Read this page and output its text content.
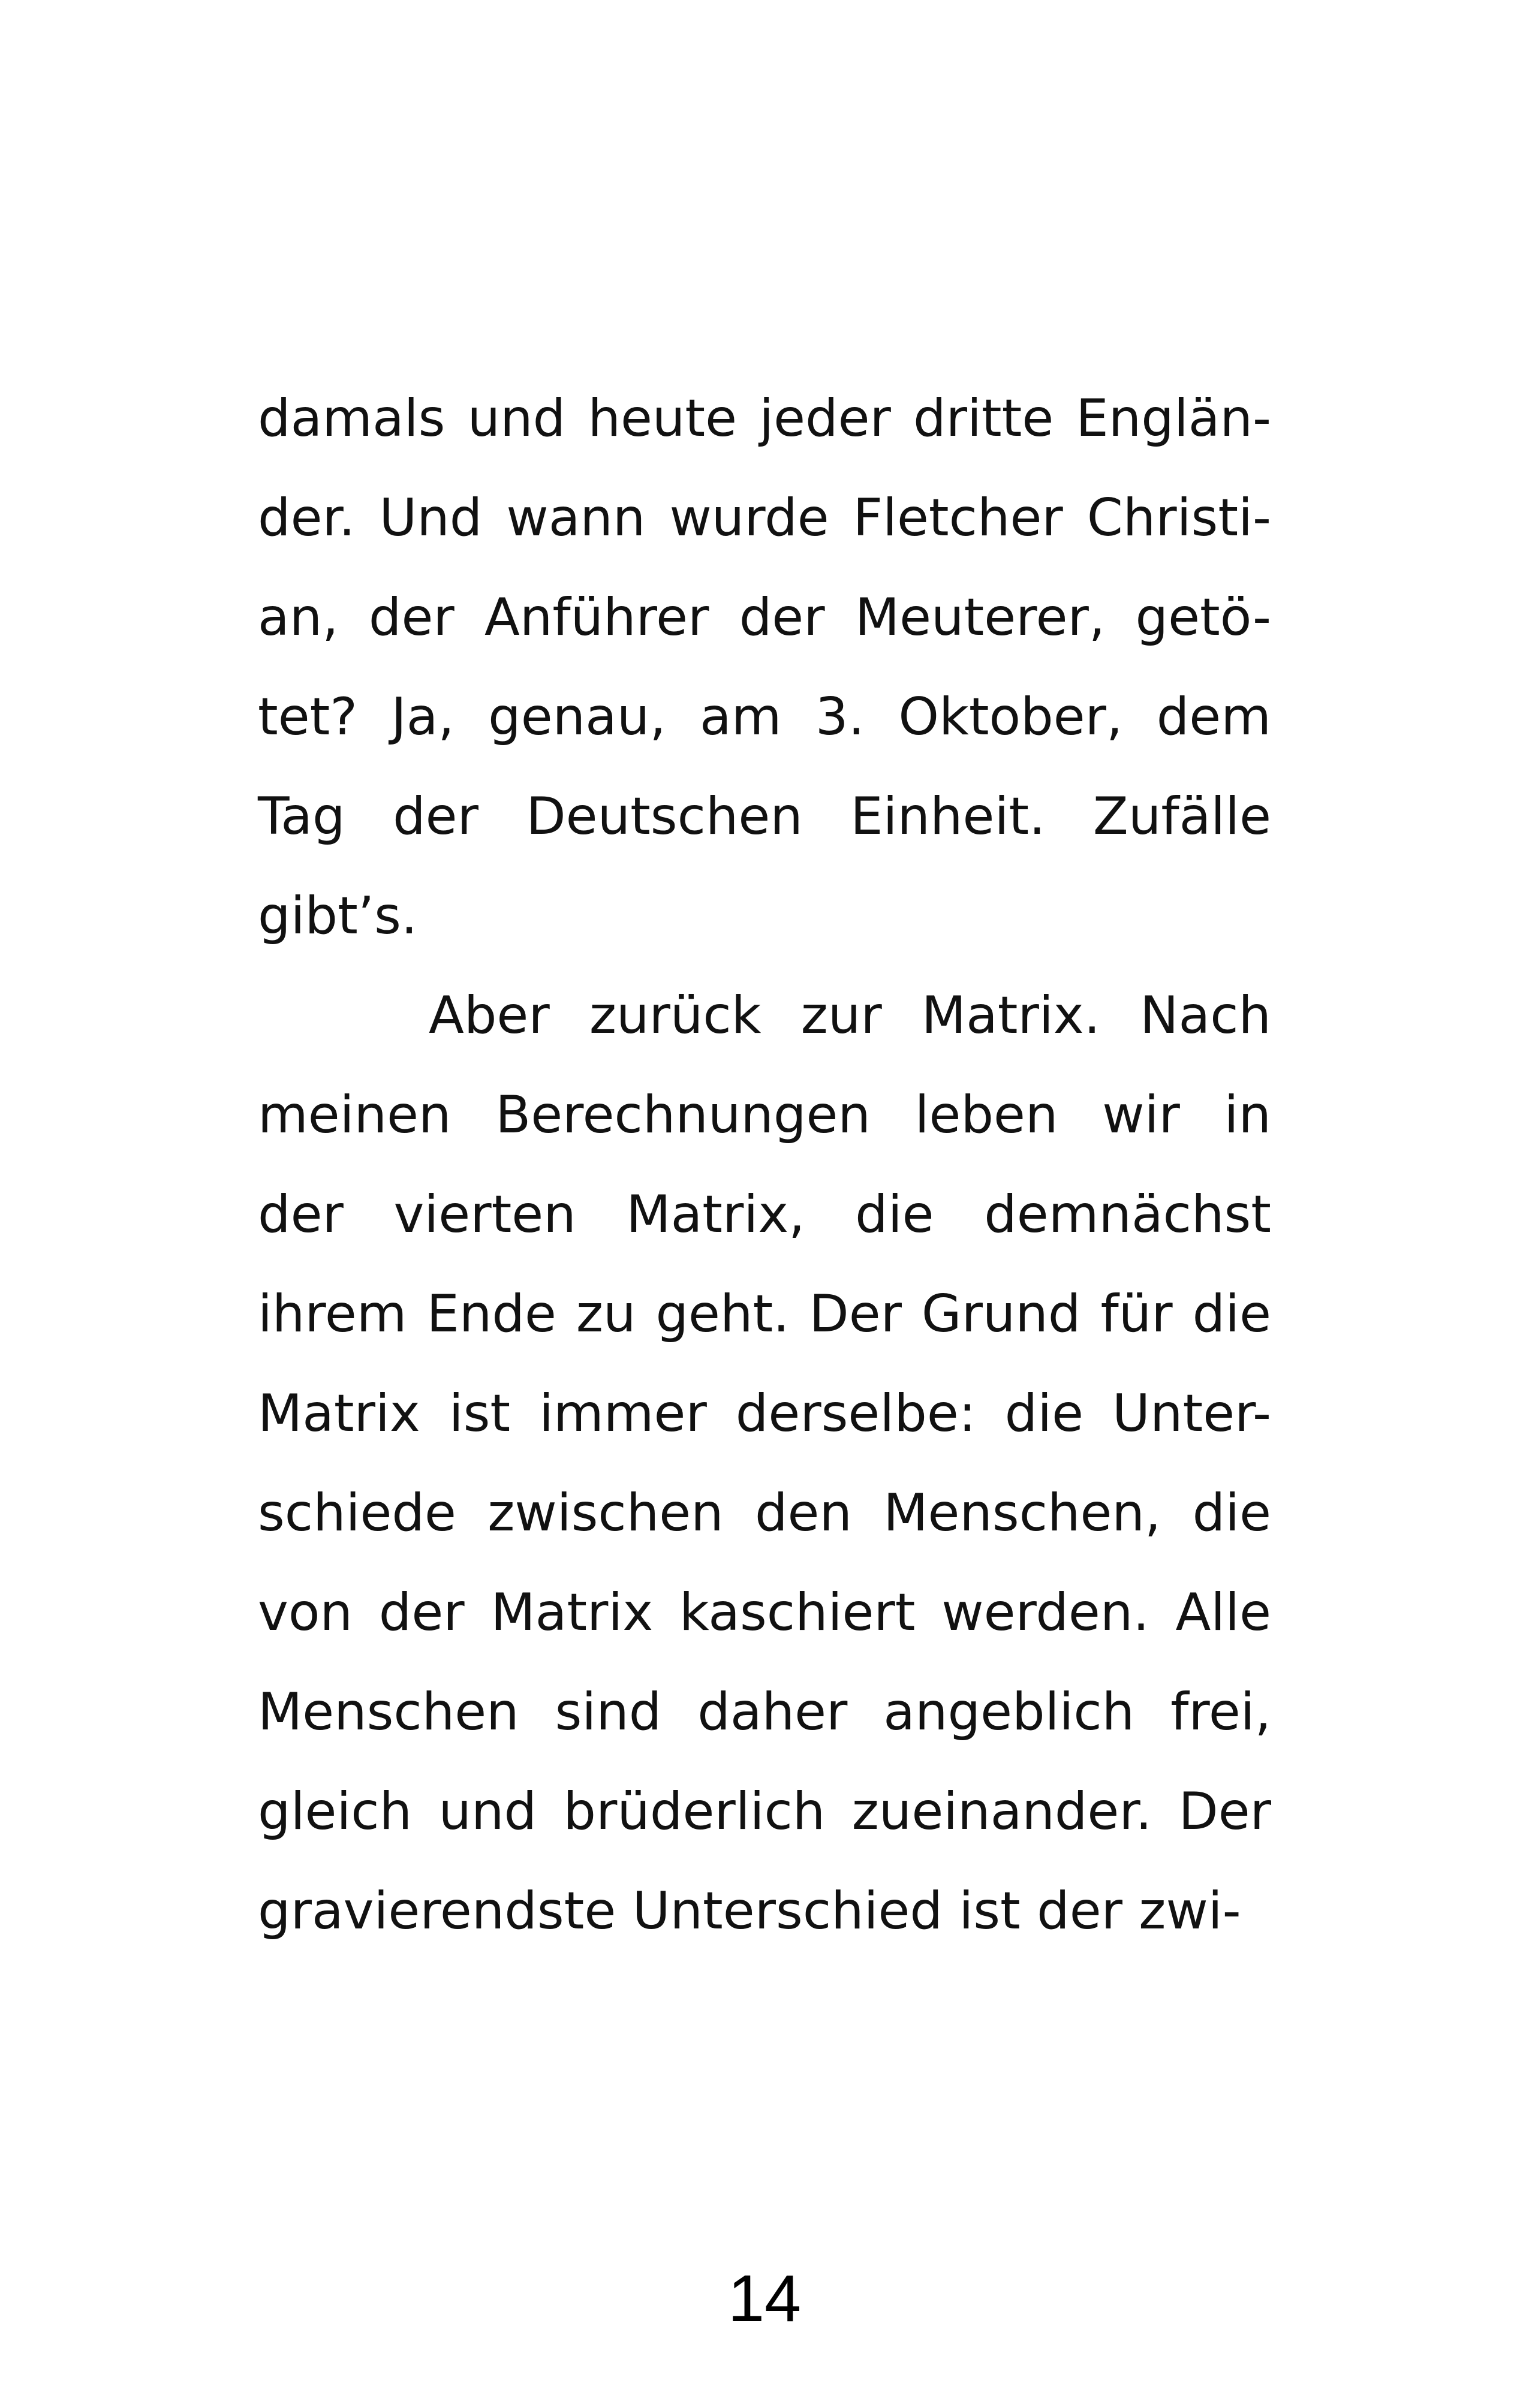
damals und heute jeder dritte Englän-
der. Und wann wurde Fletcher Christi-
an, der Anführer der Meuterer, getö-
tet? Ja, genau, am 3. Oktober, dem
Tag der Deutschen Einheit. Zufälle
gibt’s.
Aber zurück zur Matrix. Nach
meinen Berechnungen leben wir in
der vierten Matrix, die demnächst
ihrem Ende zu geht. Der Grund für die
Matrix ist immer derselbe: die Unter-
schiede zwischen den Menschen, die
von der Matrix kaschiert werden. Alle
Menschen sind daher angeblich frei,
gleich und brüderlich zueinander. Der
gravierendste Unterschied ist der zwi-
14
